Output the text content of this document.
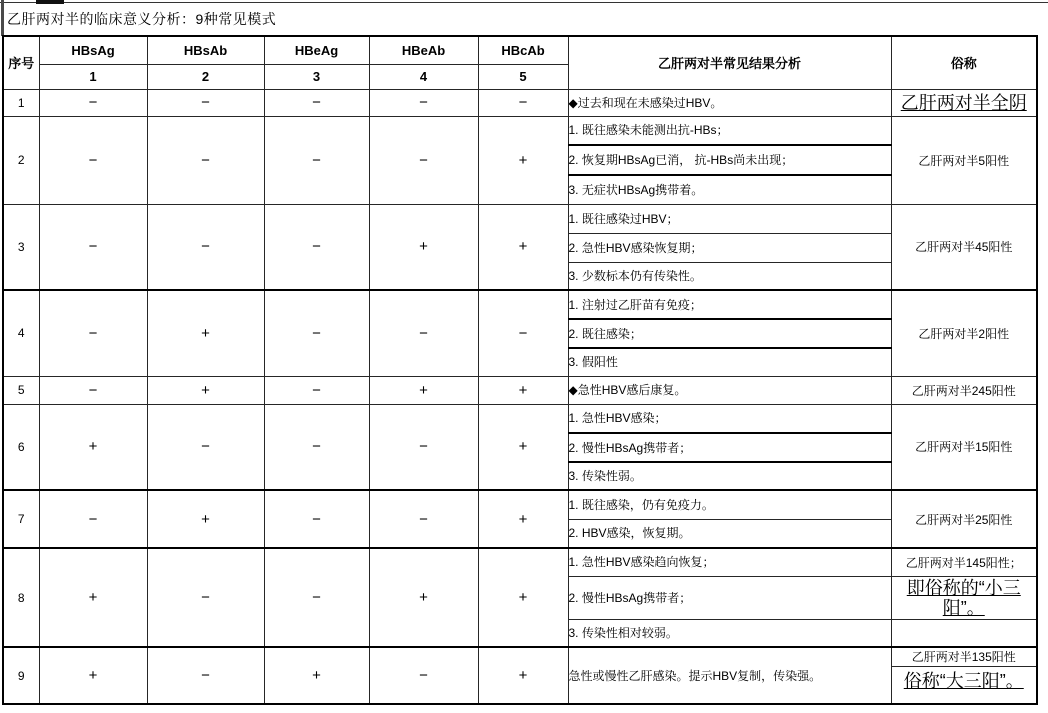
乙肝两对半的临床意义分析：9种常见模式
序号	HBsAg	HBsAb	HBeAg	HBeAb	HBcAb	乙肝两对半常见结果分析	俗称
	1	2	3	4	5		
1	−	−	−	−	−	◆过去和现在未感染过HBV。	乙肝两对半全阴

2	−	−	−	−	+	1. 既往感染未能测出抗-HBs；	乙肝两对半5阳性
						2. 恢复期HBsAg已消， 抗-HBs尚未出现；	
						3. 无症状HBsAg携带着。	
3	−	−	−	+	+	1. 既往感染过HBV；	乙肝两对半45阳性
						2. 急性HBV感染恢复期；	
						3. 少数标本仍有传染性。	
4	−	+	−	−	−	1. 注射过乙肝苗有免疫；	乙肝两对半2阳性
						2. 既往感染；	
						3. 假阳性	
5	−	+	−	+	+	◆急性HBV感后康复。	乙肝两对半245阳性
6	+	−	−	−	+	1. 急性HBV感染；	乙肝两对半15阳性
						2. 慢性HBsAg携带者；	
						3. 传染性弱。	
7	−	+	−	−	+	1. 既往感染，仍有免疫力。	乙肝两对半25阳性
						2. HBV感染，恢复期。	
8	+	−	−	+	+	1. 急性HBV感染趋向恢复；	乙肝两对半145阳性；
						2. 慢性HBsAg携带者；	即俗称的“小三阳”。

						3. 传染性相对较弱。	
9	+	−	+	−	+	急性或慢性乙肝感染。提示HBV复制，传染强。	乙肝两对半135阳性

							俗称“大三阳”。
